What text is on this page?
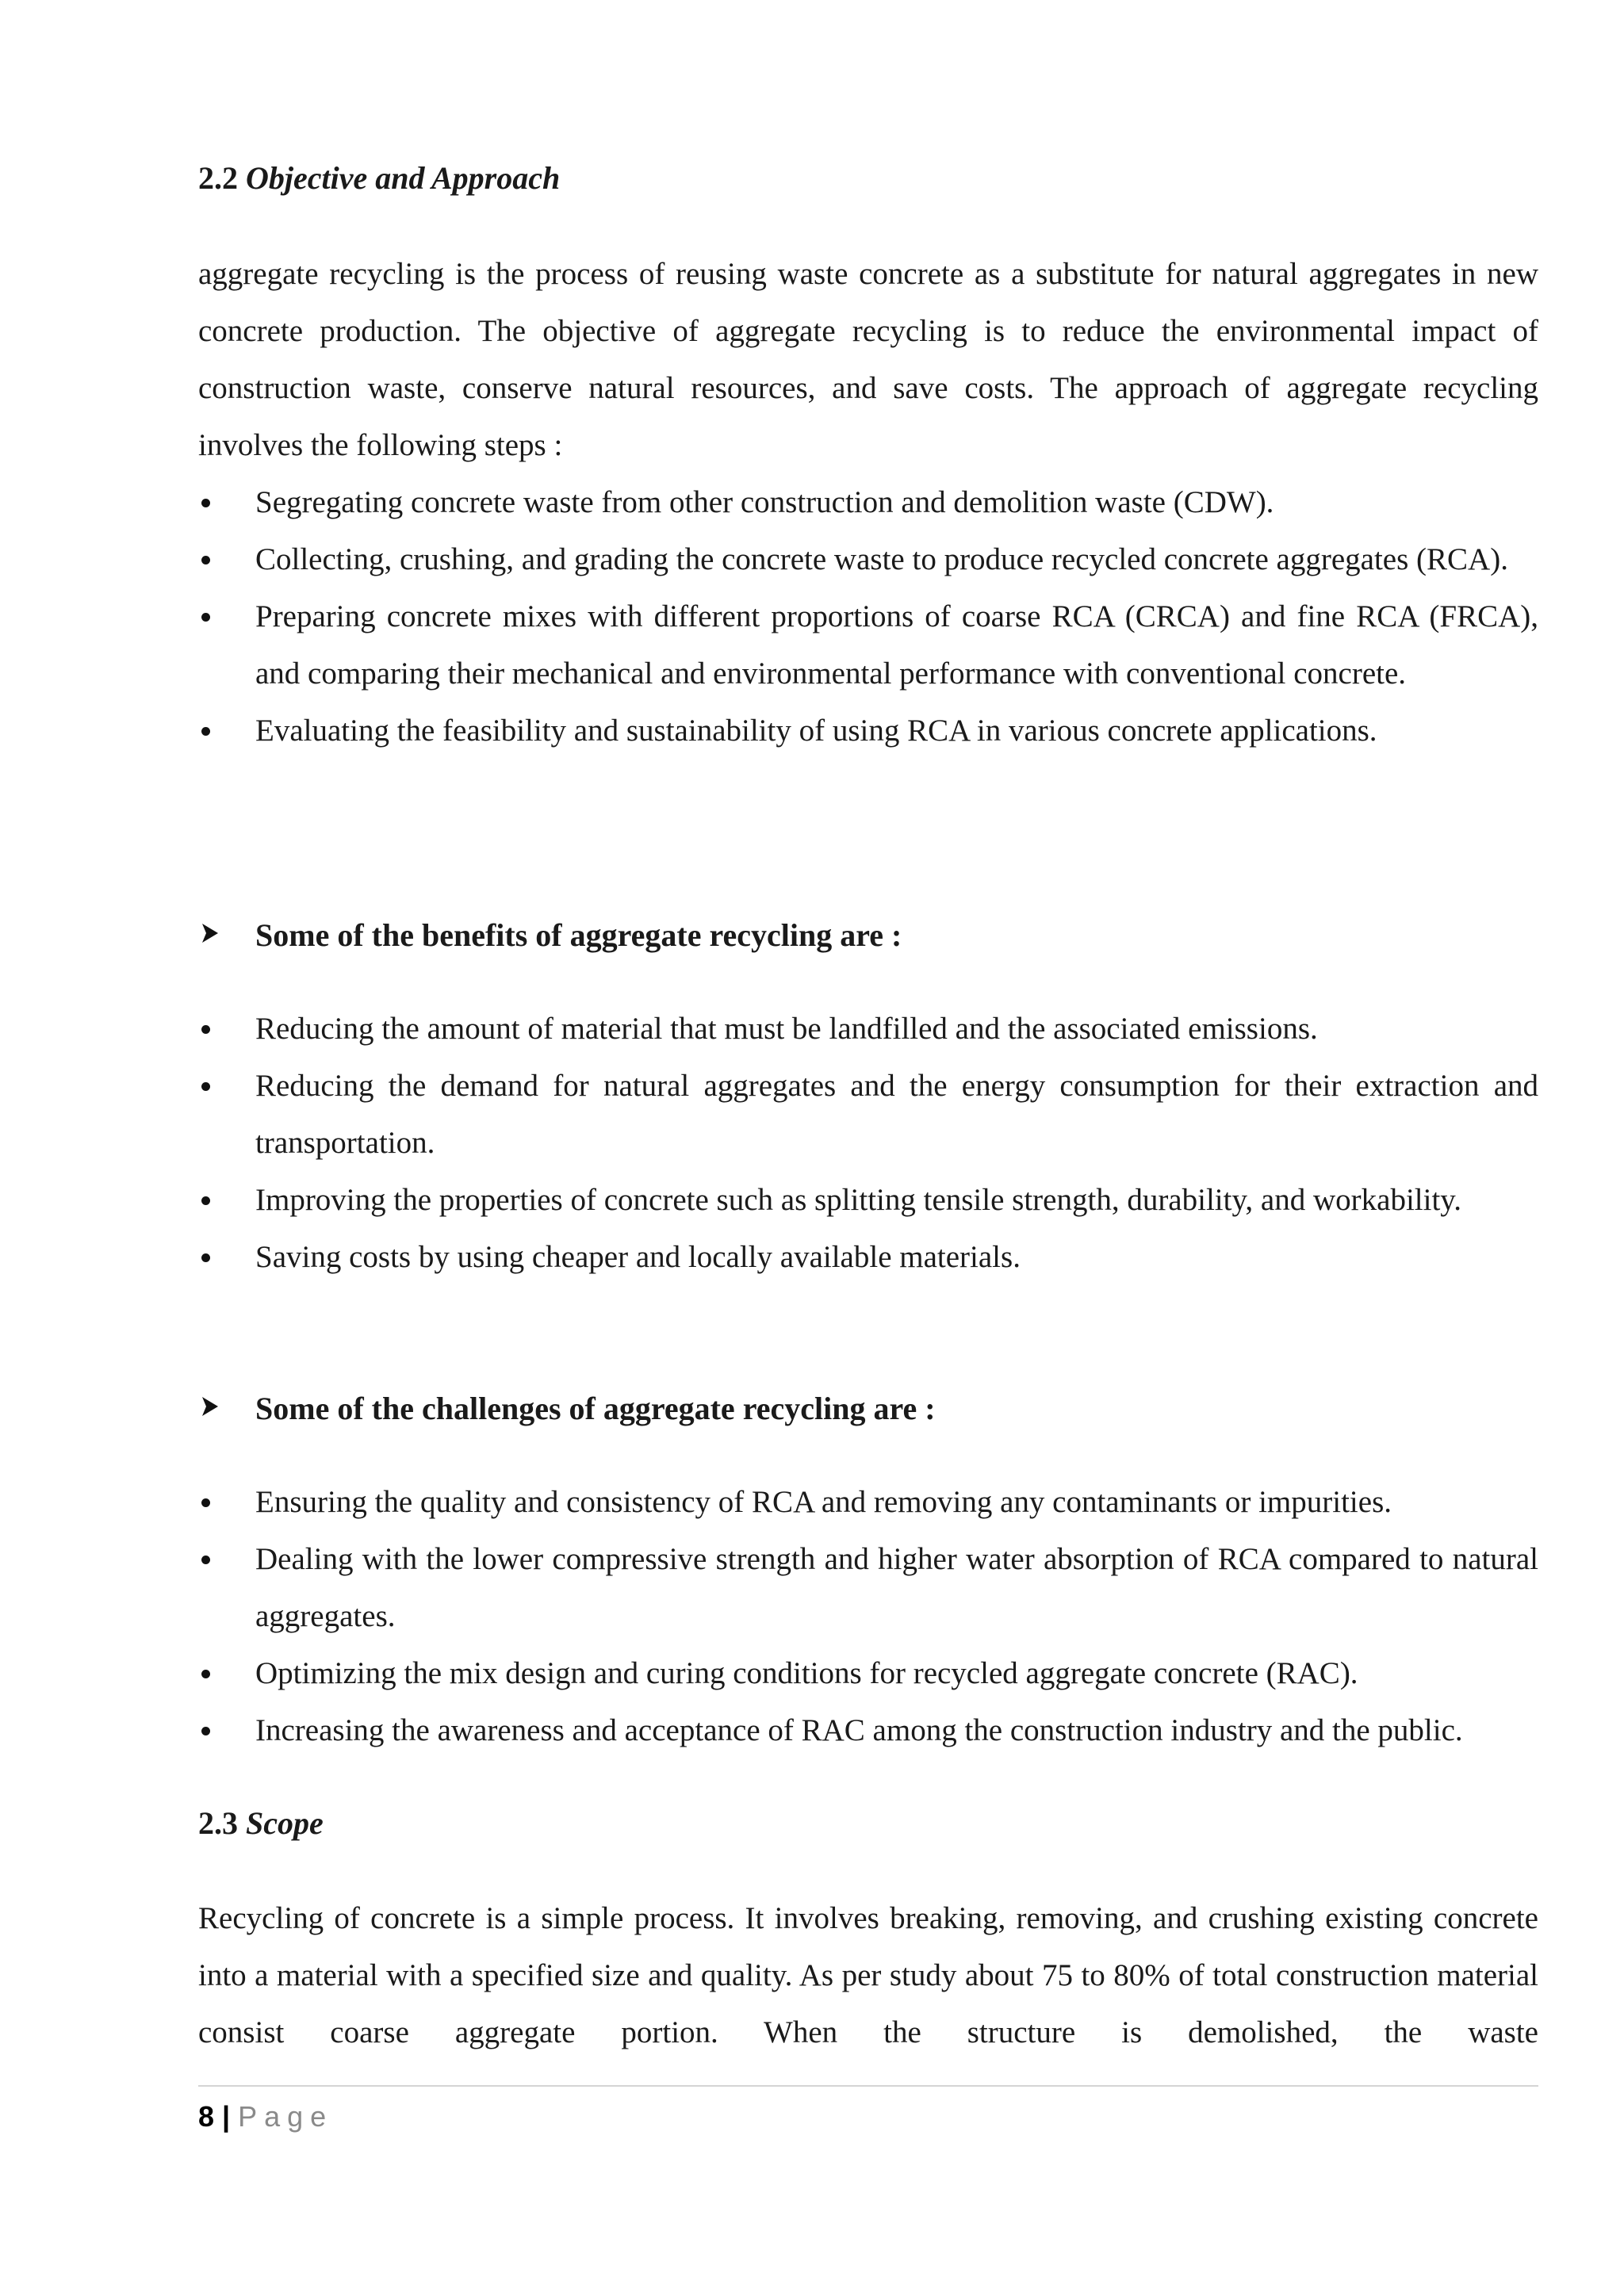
2.2 Objective and Approach

aggregate recycling is the process of reusing waste concrete as a substitute for natural aggregates in new concrete production. The objective of aggregate recycling is to reduce the environmental impact of construction waste, conserve natural resources, and save costs. The approach of aggregate recycling involves the following steps :

Segregating concrete waste from other construction and demolition waste (CDW).
Collecting, crushing, and grading the concrete waste to produce recycled concrete aggregates (RCA).
Preparing concrete mixes with different proportions of coarse RCA (CRCA) and fine RCA (FRCA), and comparing their mechanical and environmental performance with conventional concrete.
Evaluating the feasibility and sustainability of using RCA in various concrete applications.
Some of the benefits of aggregate recycling are :
Reducing the amount of material that must be landfilled and the associated emissions.
Reducing the demand for natural aggregates and the energy consumption for their extraction and transportation.
Improving the properties of concrete such as splitting tensile strength, durability, and workability.
Saving costs by using cheaper and locally available materials.
Some of the challenges of aggregate recycling are :
Ensuring the quality and consistency of RCA and removing any contaminants or impurities.
Dealing with the lower compressive strength and higher water absorption of RCA compared to natural aggregates.
Optimizing the mix design and curing conditions for recycled aggregate concrete (RAC).
Increasing the awareness and acceptance of RAC among the construction industry and the public.
2.3 Scope

Recycling of concrete is a simple process. It involves breaking, removing, and crushing existing concrete into a material with a specified size and quality. As per study about 75 to 80% of total construction material consist coarse aggregate portion. When the structure is demolished, the waste

8 | Page
